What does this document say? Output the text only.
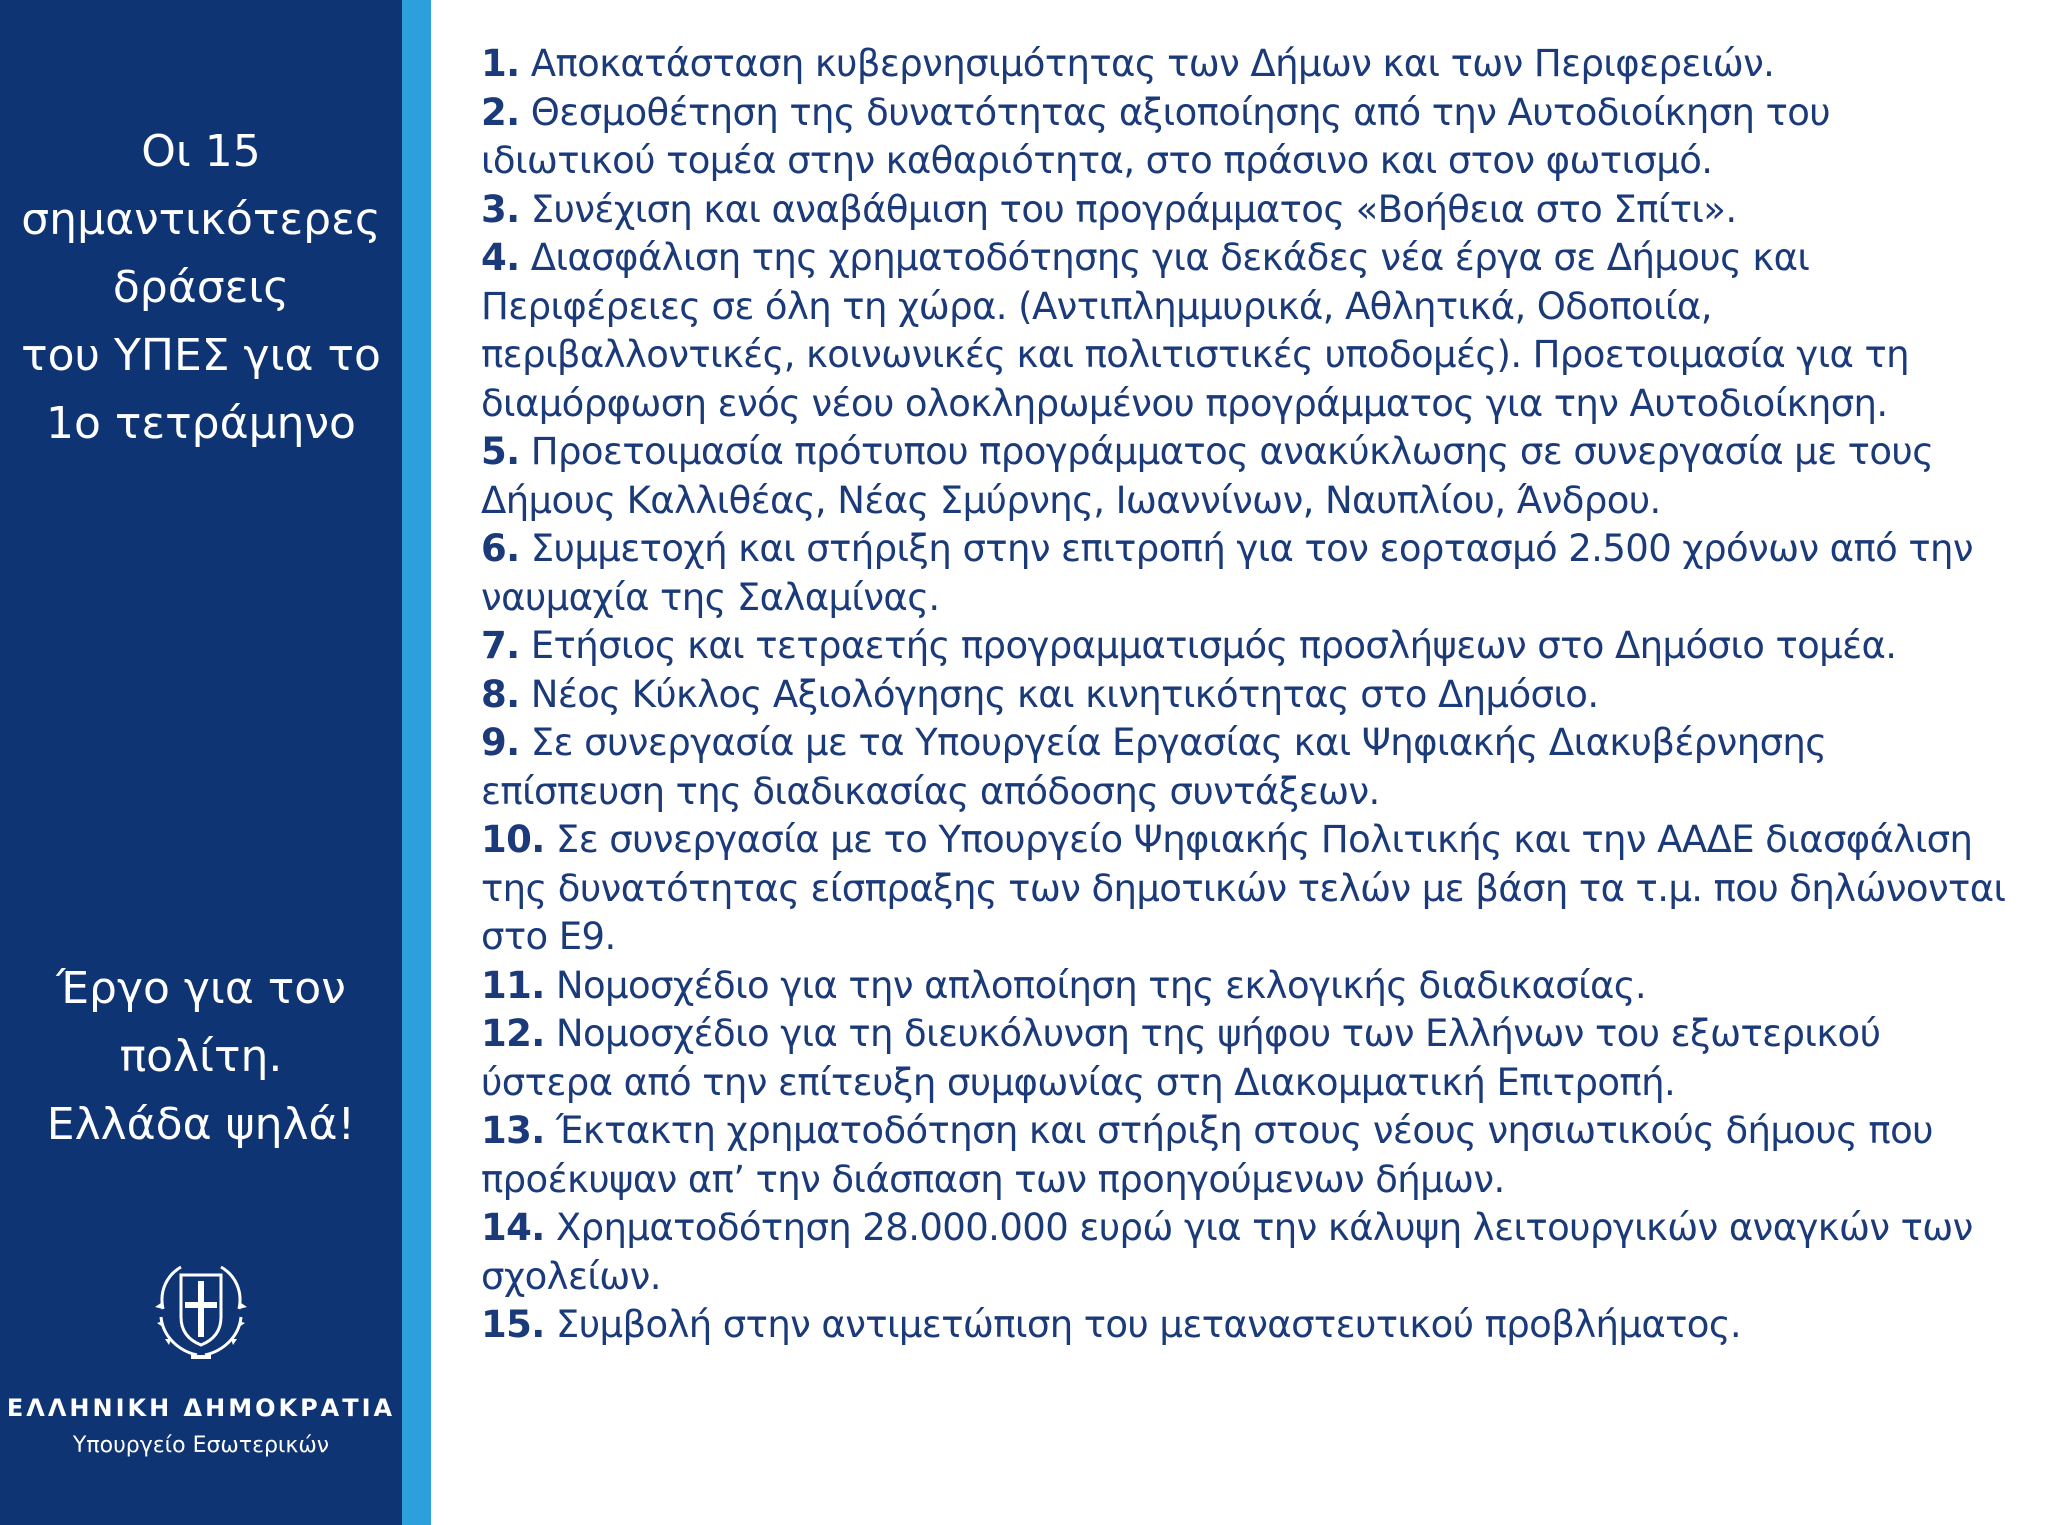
Οι 15
σημαντικότερες
δράσεις
του ΥΠΕΣ για το
1ο τετράμηνο
Έργο για τον
πολίτη.
Ελλάδα ψηλά!
ΕΛΛΗΝΙΚΗ ΔΗΜΟΚΡΑΤΙΑ
Υπουργείο Εσωτερικών
1. Αποκατάσταση κυβερνησιμότητας των Δήμων και των Περιφερειών.
2. Θεσμοθέτηση της δυνατότητας αξιοποίησης από την Αυτοδιοίκηση του ιδιωτικού τομέα στην καθαριότητα, στο πράσινο και στον φωτισμό.
3. Συνέχιση και αναβάθμιση του προγράμματος «Βοήθεια στο Σπίτι».
4. Διασφάλιση της χρηματοδότησης για δεκάδες νέα έργα σε Δήμους και Περιφέρειες σε όλη τη χώρα. (Αντιπλημμυρικά, Αθλητικά, Οδοποιία, περιβαλλοντικές, κοινωνικές και πολιτιστικές υποδομές). Προετοιμασία για τη διαμόρφωση ενός νέου ολοκληρωμένου προγράμματος για την Αυτοδιοίκηση.
5. Προετοιμασία πρότυπου προγράμματος ανακύκλωσης σε συνεργασία με τους Δήμους Καλλιθέας, Νέας Σμύρνης, Ιωαννίνων, Ναυπλίου, Άνδρου.
6. Συμμετοχή και στήριξη στην επιτροπή για τον εορτασμό 2.500 χρόνων από την ναυμαχία της Σαλαμίνας.
7. Ετήσιος και τετραετής προγραμματισμός προσλήψεων στο Δημόσιο τομέα.
8. Νέος Κύκλος Αξιολόγησης και κινητικότητας στο Δημόσιο.
9. Σε συνεργασία με τα Υπουργεία Εργασίας και Ψηφιακής Διακυβέρνησης επίσπευση της διαδικασίας απόδοσης συντάξεων.
10. Σε συνεργασία με το Υπουργείο Ψηφιακής Πολιτικής και την ΑΑΔΕ διασφάλιση της δυνατότητας είσπραξης των δημοτικών τελών με βάση τα τ.μ. που δηλώνονται στο Ε9.
11. Νομοσχέδιο για την απλοποίηση της εκλογικής διαδικασίας.
12. Νομοσχέδιο για τη διευκόλυνση της ψήφου των Ελλήνων του εξωτερικού ύστερα από την επίτευξη συμφωνίας στη Διακομματική Επιτροπή.
13. Έκτακτη χρηματοδότηση και στήριξη στους νέους νησιωτικούς δήμους που προέκυψαν απ’ την διάσπαση των προηγούμενων δήμων.
14. Χρηματοδότηση 28.000.000 ευρώ για την κάλυψη λειτουργικών αναγκών των σχολείων.
15. Συμβολή στην αντιμετώπιση του μεταναστευτικού προβλήματος.
